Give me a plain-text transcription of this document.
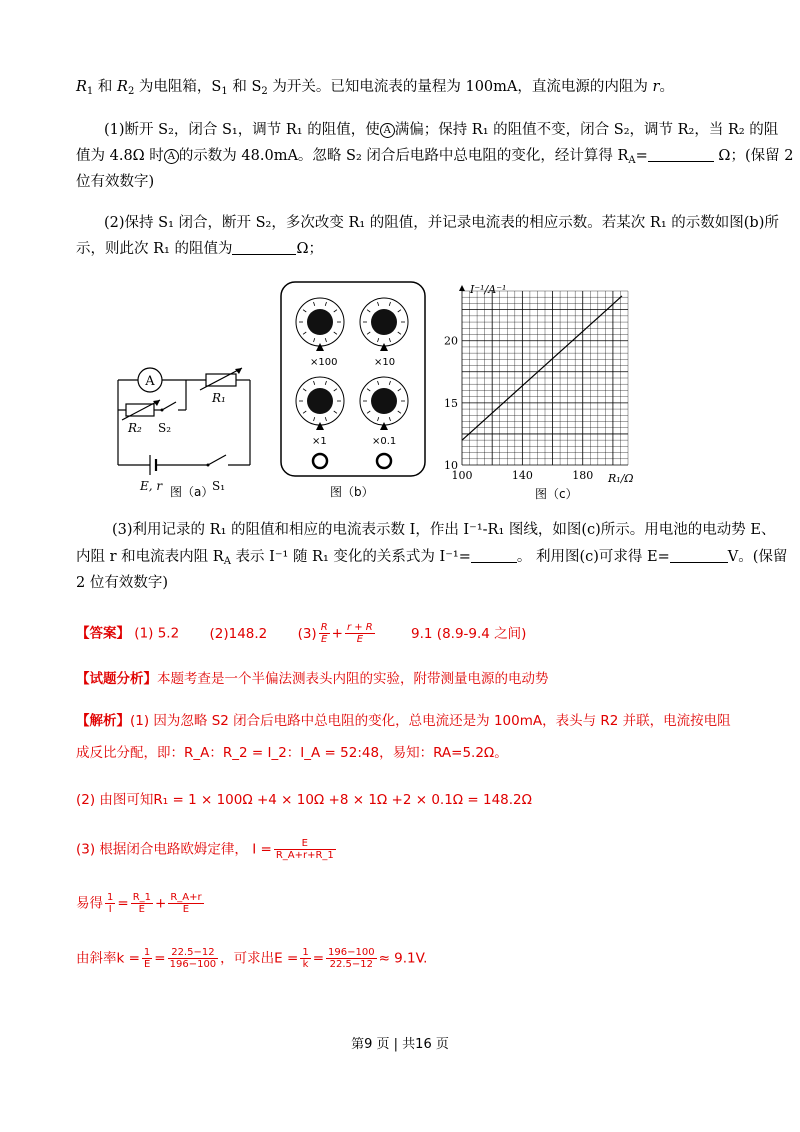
$R_1$ 和 $R_2$ 为电阻箱，$S_1$ 和 $S_2$ 为开关。已知电流表的量程为 100mA，直流电源的内阻为 r。
(1)断开 S₂，闭合 S₁，调节 R₁ 的阻值，使 A 满偏；保持 R₁ 的阻值不变，闭合 S₂，调节 R₂，当 R₂ 的阻
值为 4.8Ω 时 A 的示数为 48.0mA。忽略 S₂ 闭合后电路中总电阻的变化，经计算得 $R_A=$	Ω；(保留 2
位有效数字)
(2)保持 S₁ 闭合，断开 S₂，多次改变 R₁ 的阻值，并记录电流表的相应示数。若某次 R₁ 的示数如图(b)所
示，则此次 R₁ 的阻值为	Ω；
A
R₁
R₂ S₂
E, r	S₁
图（a）
×100	×10
×1	×0.1
图（b）
100	140	180
10
15
20
I⁻¹/A⁻¹
R₁/Ω
图（c）
(3)利用记录的 R₁ 的阻值和相应的电流表示数 I，作出 I⁻¹-R₁ 图线，如图(c)所示。用电池的电动势 E、
内阻 r 和电流表内阻 $R_A$ 表示 I⁻¹ 随 R₁ 变化的关系式为 I⁻¹=	。 利用图(c)可求得 E=	V。(保留
2 位有效数字)
【答案】 (1) 5.2 (2)148.2 $(3) \frac{R}{E} + \frac{r + R}{E}$	9.1 (8.9-9.4 之间)
【试题分析】本题考查是一个半偏法测表头内阻的实验，附带测量电源的电动势
【解析】(1) 因为忽略 S2 闭合后电路中总电阻的变化，总电流还是为 100mA，表头与 R2 并联，电流按电阻
成反比分配，即：R_A：R_2 = I_2：I_A = 52:48，易知：RA=5.2Ω。
(2) 由图可知R₁ = 1 × 100Ω +4 × 10Ω +8 × 1Ω +2 × 0.1Ω = 148.2Ω
(3) 根据闭合电路欧姆定律， $I = \frac{E}{R\_A+r+R\_1}$
易得 $\frac{1}{I} = \frac{R\_1}{E} + \frac{R\_A+r}{E}$
由斜率$k = \frac{1}{E} = \frac{22.5-12}{196-100}$ ，可求出$E = \frac{1}{k} = \frac{196-100}{22.5-12} \approx 9.1V$.
第9 页 | 共16 页
